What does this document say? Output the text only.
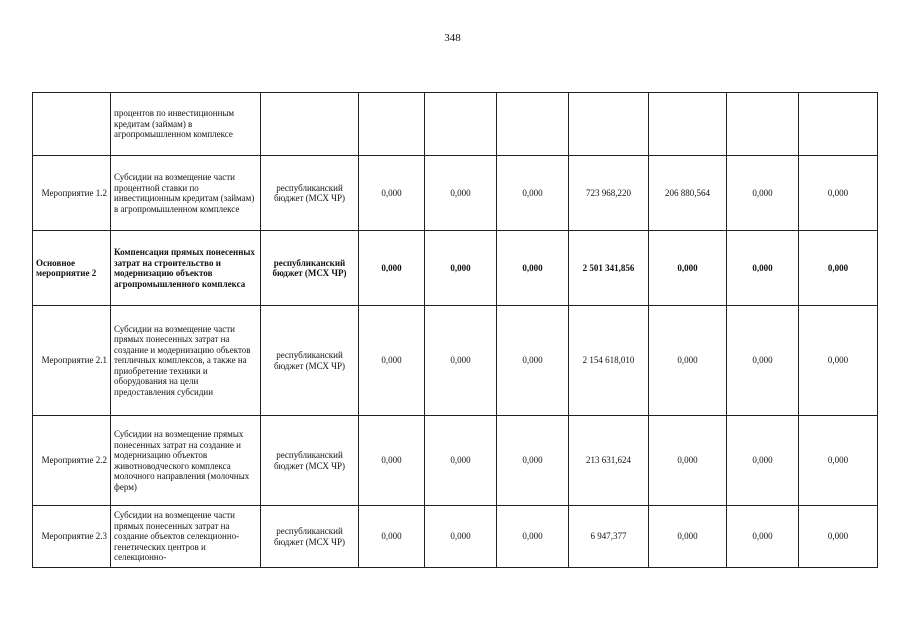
348
	процентов по инвестиционным кредитам (займам) в агропромышленном комплексе								
Мероприятие 1.2	Субсидии на возмещение части процентной ставки по инвестиционным кредитам (займам) в агропромышленном комплексе	республиканский бюджет (МСХ ЧР)	0,000	0,000	0,000	723 968,220	206 880,564	0,000	0,000
Основное мероприятие 2	Компенсация прямых понесенных затрат на строительство и модернизацию объектов агропромышленного комплекса	республиканский бюджет (МСХ ЧР)	0,000	0,000	0,000	2 501 341,856	0,000	0,000	0,000
Мероприятие 2.1	Субсидии на возмещение части прямых понесенных затрат на создание и модернизацию объектов тепличных комплексов, а также на приобретение техники и оборудования на цели предоставления субсидии	республиканский бюджет (МСХ ЧР)	0,000	0,000	0,000	2 154 618,010	0,000	0,000	0,000
Мероприятие 2.2	Субсидии на возмещение прямых понесенных затрат на создание и модернизацию объектов животноводческого комплекса молочного направления (молочных ферм)	республиканский бюджет (МСХ ЧР)	0,000	0,000	0,000	213 631,624	0,000	0,000	0,000
Мероприятие 2.3	Субсидии на возмещение части прямых понесенных затрат на создание объектов селекционно-генетических центров и селекционно-	республиканский бюджет (МСХ ЧР)	0,000	0,000	0,000	6 947,377	0,000	0,000	0,000
